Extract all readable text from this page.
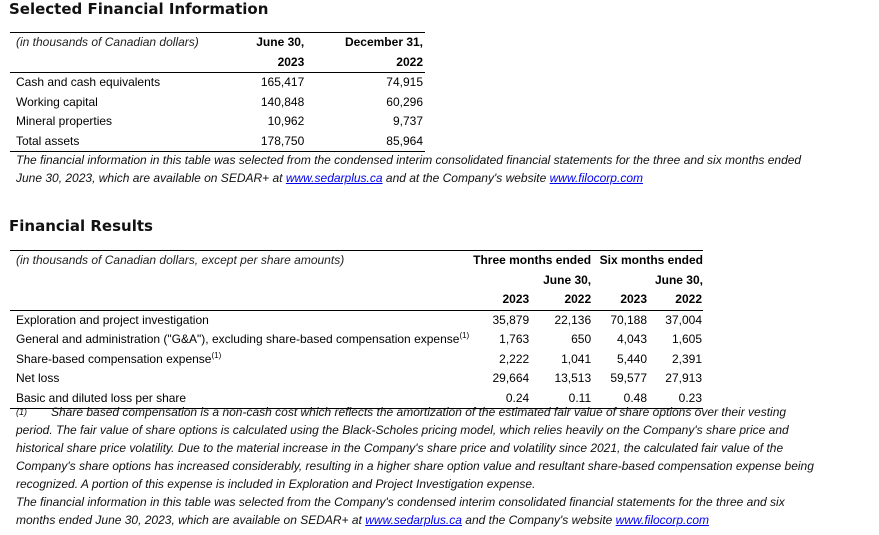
Selected Financial Information
(in thousands of Canadian dollars)	June 30,	December 31,
	2023	2022
Cash and cash equivalents	165,417	74,915
Working capital	140,848	60,296
Mineral properties	10,962	9,737
Total assets	178,750	85,964
The financial information in this table was selected from the condensed interim consolidated financial statements for the three and six months ended
June 30, 2023, which are available on SEDAR+ at www.sedarplus.ca and at the Company's website www.filocorp.com
Financial Results
(in thousands of Canadian dollars, except per share amounts)	Three months ended		Six months ended	
		June 30,		June 30,
	2023	2022	2023	2022
Exploration and project investigation	35,879	22,136	70,188	37,004
General and administration ("G&A"), excluding share-based compensation expense$^{(1)}$	1,763	650	4,043	1,605
Share-based compensation expense$^{(1)}$	2,222	1,041	5,440	2,391
Net loss	29,664	13,513	59,577	27,913
Basic and diluted loss per share	0.24	0.11	0.48	0.23
$^{(1)}$ Share based compensation is a non-cash cost which reflects the amortization of the estimated fair value of share options over their vesting
period. The fair value of share options is calculated using the Black-Scholes pricing model, which relies heavily on the Company's share price and
historical share price volatility. Due to the material increase in the Company's share price and volatility since 2021, the calculated fair value of the
Company's share options has increased considerably, resulting in a higher share option value and resultant share-based compensation expense being
recognized. A portion of this expense is included in Exploration and Project Investigation expense.
The financial information in this table was selected from the Company's condensed interim consolidated financial statements for the three and six
months ended June 30, 2023, which are available on SEDAR+ at www.sedarplus.ca and the Company's website www.filocorp.com
